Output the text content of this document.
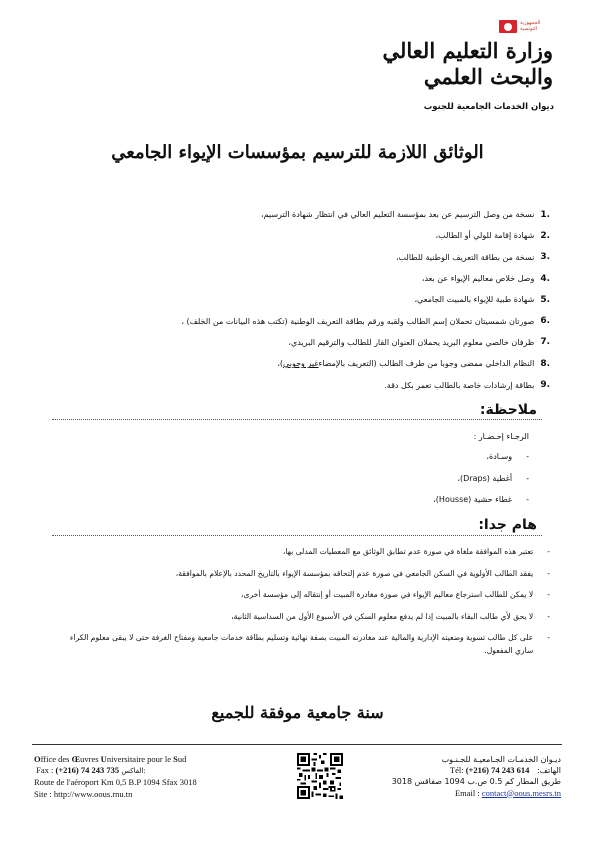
الجمهورية التونسية
وزارة التعليم العالي
والبحث العلمي
ديوان الخدمات الجامعية للجنوب
الوثائق اللازمة للترسيم بمؤسسات الإيواء الجامعي
1.
نسخة من وصل الترسيم عن بعد بمؤسسة التعليم العالي في انتظار شهادة الترسيم،
2.
شهادة إقامة للولي أو الطالب،
3.
نسخة من بطاقة التعريف الوطنية للطالب،
4.
وصل خلاص معاليم الإيواء عن بعد،
5.
شهادة طبية للإيواء بالمبيت الجامعي،
6.
صورتان شمسيتان تحملان إسم الطالب ولقبه ورقم بطاقة التعريف الوطنية (تكتب هذه البيانات من الخلف) ،
7.
ظرفان خالصي معلوم البريد يحملان العنوان القار للطالب والترقيم البريدي،
8.
النظام الداخلي ممضى وجوبا من طرف الطالب (التعريف بالإمضاء
غير وجوبي
)،
9.
بطاقة إرشادات خاصة بالطالب تعمر بكل دقة.
ملاحظة:
الرجـاء إحـضـار :
-
وسـادة،
-
أغطية (Draps)،
-
غطاء حشية (Housse)،
هام جدا:
-
تعتبر هذه الموافقة ملغاة في صورة عدم تطابق الوثائق مع المعطيات المدلى بها،
-
يفقد الطالب الأولوية في السكن الجامعي في صورة عدم إلتحاقه بمؤسسة الإيواء بالتاريخ المحدد بالإعلام بالموافقة،
-
لا يمكن للطالب استرجاع معاليم الإيواء في صورة مغادرة المبيت أو إنتقاله إلى مؤسسة أخرى،
-
لا يحق لأي طالب البقاء بالمبيت إذا لم يدفع معلوم السكن في الأسبوع الأول من السداسية الثانية،
-
على كل طالب تسوية وضعيته الإدارية والمالية عند مغادرته المبيت بصفة نهائية وتسليم بطاقة خدمات جامعية ومفتاح الغرفة حتى لا يبقى معلوم الكراء ساري المفعول.
سنة جامعية موفقة للجميع
Office des Œuvres Universitaire pour le Sud
Fax : (+216) 74 243 735 الفاكس:
Route de l'aéroport Km 0,5 B.P 1094 Sfax 3018
Site : http://www.oous.rnu.tn
ديـوان الخدمـات الجـامعيـة للجـنـوب
الهاتف:   Tél: (+216) 74 243 614
طريق المطار كم 0.5 ص.ب 1094 صفاقس 3018
Email : contact@oous.mesrs.tn
